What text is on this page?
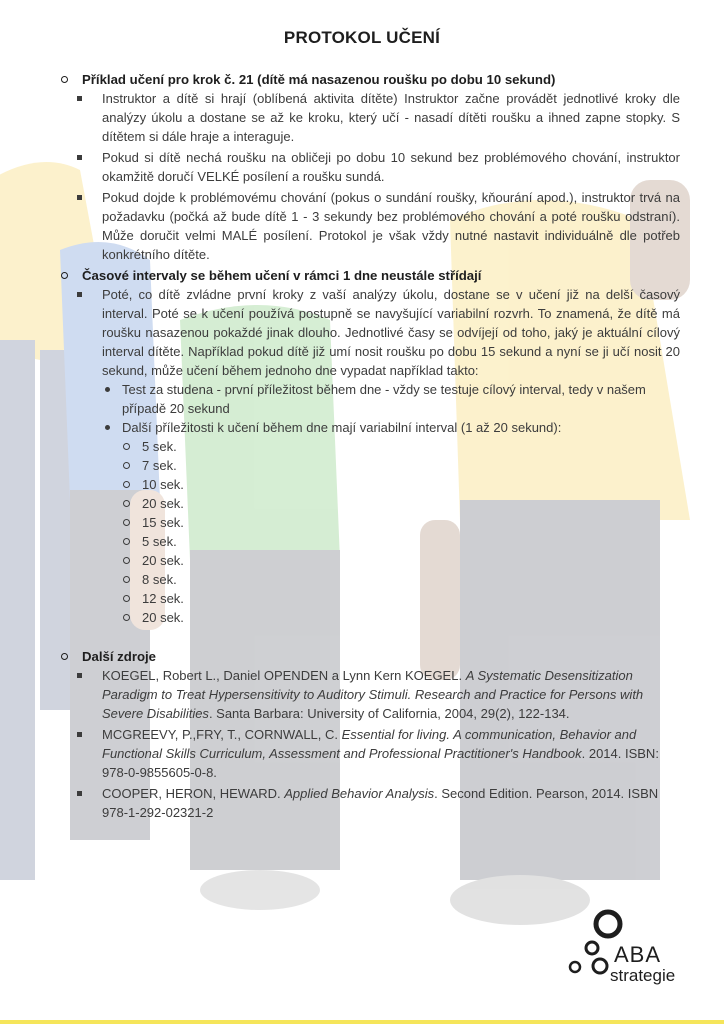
PROTOKOL UČENÍ
Příklad učení pro krok č. 21 (dítě má nasazenou roušku po dobu 10 sekund)
Instruktor a dítě si hrají (oblíbená aktivita dítěte) Instruktor začne provádět jednotlivé kroky dle analýzy úkolu a dostane se až ke kroku, který učí - nasadí dítěti roušku a ihned zapne stopky. S dítětem si dále hraje a interaguje.
Pokud si dítě nechá roušku na obličeji po dobu 10 sekund bez problémového chování, instruktor okamžitě doručí VELKÉ posílení a roušku sundá.
Pokud dojde k problémovému chování (pokus o sundání roušky, kňourání apod.), instruktor trvá na požadavku (počká až bude dítě 1 - 3 sekundy bez problémového chování a poté roušku odstraní). Může doručit velmi MALÉ posílení. Protokol je však vždy nutné nastavit individuálně dle potřeb konkrétního dítěte.
Časové intervaly se během učení v rámci 1 dne neustále střídají
Poté, co dítě zvládne první kroky z vaší analýzy úkolu, dostane se v učení již na delší časový interval. Poté se k učení používá postupně se navyšující variabilní rozvrh. To znamená, že dítě má roušku nasazenou pokaždé jinak dlouho. Jednotlivé časy se odvíjejí od toho, jaký je aktuální cílový interval dítěte. Například pokud dítě již umí nosit roušku po dobu 15 sekund a nyní se ji učí nosit 20 sekund, může učení během jednoho dne vypadat například takto:
Test za studena - první příležitost během dne - vždy se testuje cílový interval, tedy v našem případě 20 sekund
Další příležitosti k učení během dne mají variabilní interval (1 až 20 sekund):
5 sek.
7 sek.
10 sek.
20 sek.
15 sek.
5 sek.
20 sek.
8 sek.
12 sek.
20 sek.
Další zdroje
KOEGEL, Robert L., Daniel OPENDEN a Lynn Kern KOEGEL. A Systematic Desensitization Paradigm to Treat Hypersensitivity to Auditory Stimuli. Research and Practice for Persons with Severe Disabilities. Santa Barbara: University of California, 2004, 29(2), 122-134.
MCGREEVY, P.,FRY, T., CORNWALL, C. Essential for living. A communication, Behavior and Functional Skills Curriculum, Assessment and Professional Practitioner's Handbook. 2014. ISBN: 978-0-9855605-0-8.
COOPER, HERON, HEWARD. Applied Behavior Analysis. Second Edition. Pearson, 2014. ISBN 978-1-292-02321-2
ABA
strategie
